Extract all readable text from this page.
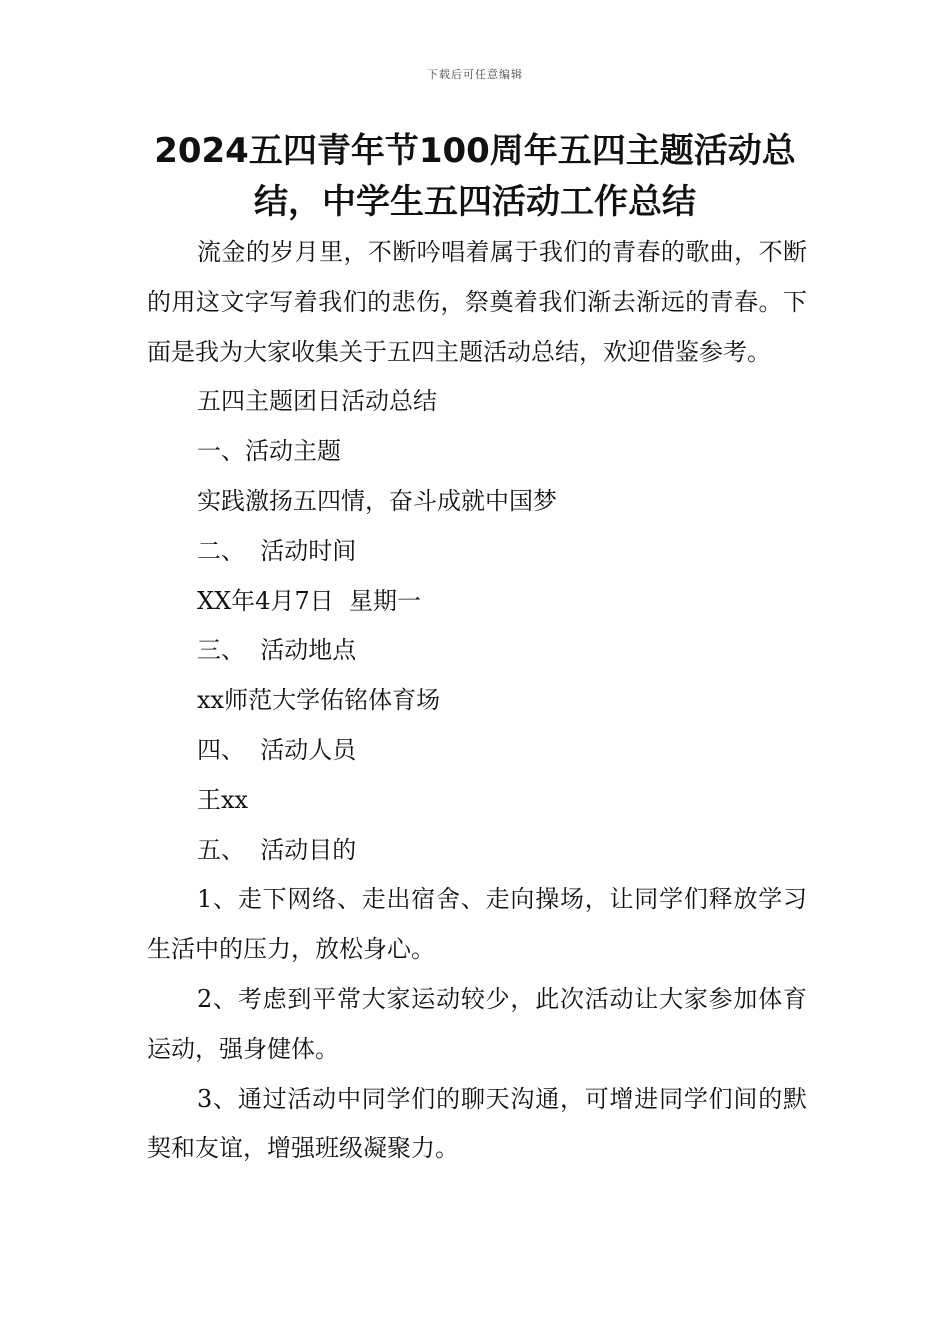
下载后可任意编辑
2024五四青年节100周年五四主题活动总
结，中学生五四活动工作总结

流金的岁月里，不断吟唱着属于我们的青春的歌曲，不断的用这文字写着我们的悲伤，祭奠着我们渐去渐远的青春。下面是我为大家收集关于五四主题活动总结，欢迎借鉴参考。

五四主题团日活动总结

一、活动主题

实践激扬五四情，奋斗成就中国梦

二、  活动时间

XX年4月7日  星期一

三、  活动地点

xx师范大学佑铭体育场

四、  活动人员

王xx

五、  活动目的

1、走下网络、走出宿舍、走向操场，让同学们释放学习生活中的压力，放松身心。

2、考虑到平常大家运动较少，此次活动让大家参加体育运动，强身健体。

3、通过活动中同学们的聊天沟通，可增进同学们间的默契和友谊，增强班级凝聚力。
